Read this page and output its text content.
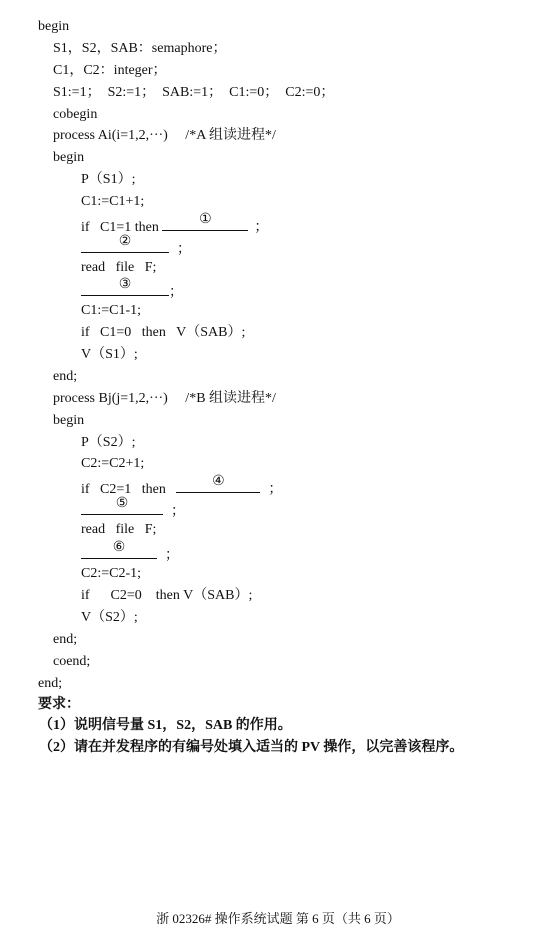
begin
S1，S2，SAB：semaphore；
C1，C2：integer；
S1:=1；  S2:=1；  SAB:=1；  C1:=0；  C2:=0；
cobegin
process Ai(i=1,2,···)     /*A 组读进程*/
begin
P（S1）;
C1:=C1+1;
if   C1=1 then
①
；
②
；
read   file   F;
③
；
C1:=C1-1;
if   C1=0   then   V（SAB）;
V（S1）;
end;
process Bj(j=1,2,···)     /*B 组读进程*/
begin
P（S2）;
C2:=C2+1;
if   C2=1   then
④
；
⑤
；
read   file   F;
⑥
；
C2:=C2-1;
if      C2=0    then V（SAB）;
V（S2）;
end;
coend;
end;
要求：
（1）说明信号量 S1，S2，SAB 的作用。
（2）请在并发程序的有编号处填入适当的 PV 操作，以完善该程序。
浙 02326# 操作系统试题 第 6 页（共 6 页）
